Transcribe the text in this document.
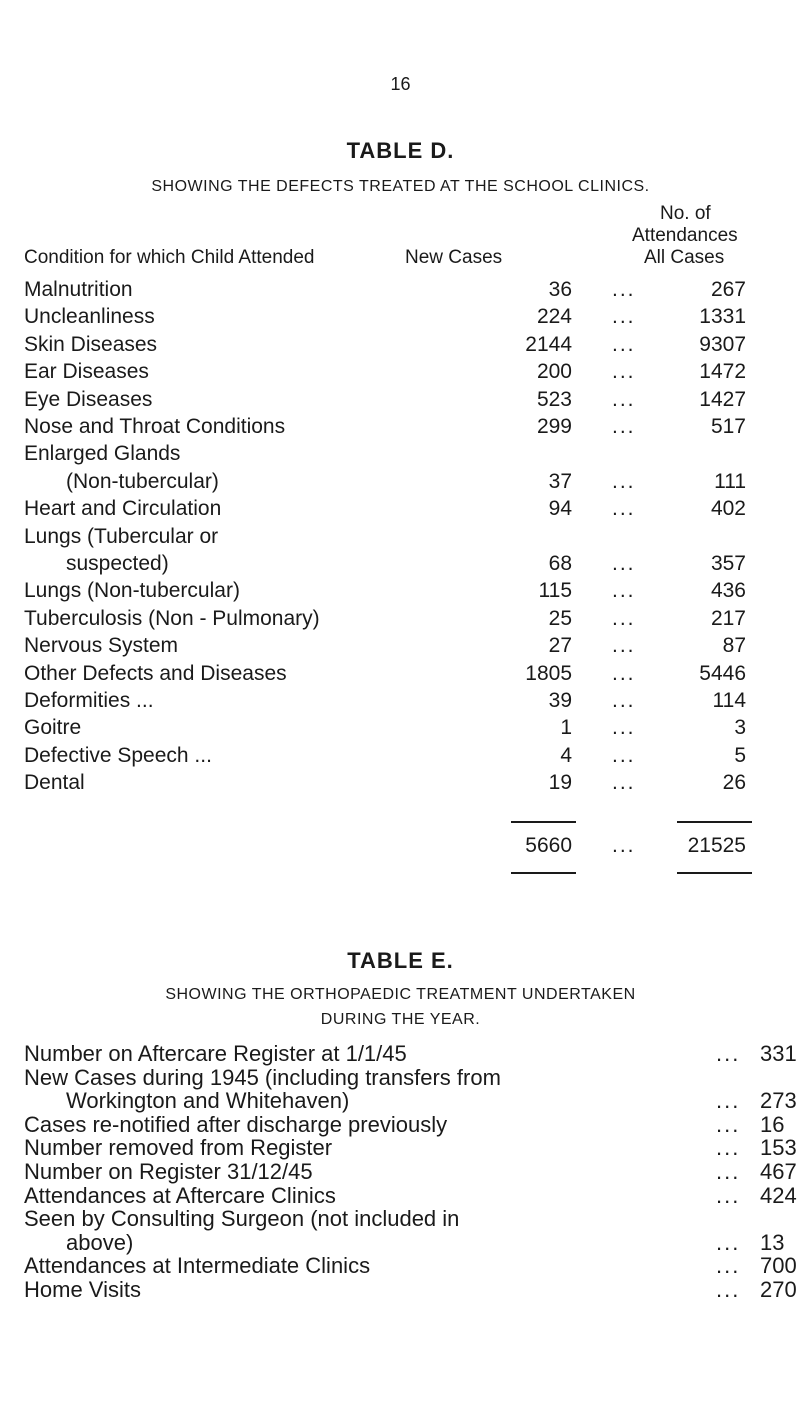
16
TABLE D.
SHOWING THE DEFECTS TREATED AT THE SCHOOL CLINICS.
No. of
Attendances
Condition for which Child Attended	New Cases	All Cases
Malnutrition	36 ...	267
Uncleanliness	224 ...	1331
Skin Diseases	2144 ...	9307
Ear Diseases	200 ...	1472
Eye Diseases	523 ...	1427
Nose and Throat Conditions	299 ...	517
Enlarged Glands
(Non-tubercular)	37 ...	111
Heart and Circulation	94 ...	402
Lungs (Tubercular or
suspected)	68 ...	357
Lungs (Non-tubercular)	115 ...	436
Tuberculosis (Non - Pulmonary)	25 ...	217
Nervous System	27 ...	87
Other Defects and Diseases	1805 ...	5446
Deformities ...	39 ...	114
Goitre	1 ...	3
Defective Speech ...	4 ...	5
Dental	19 ...	26
5660 ...	21525
TABLE E.
SHOWING THE ORTHOPAEDIC TREATMENT UNDERTAKEN
DURING THE YEAR.
Number on Aftercare Register at 1/1/45	... 331
New Cases during 1945 (including transfers from
Workington and Whitehaven)	... 273
Cases re-notified after discharge previously	... 16
Number removed from Register	... 153
Number on Register 31/12/45	... 467
Attendances at Aftercare Clinics	... 424
Seen by Consulting Surgeon (not included in
above)	... 13
Attendances at Intermediate Clinics	... 700
Home Visits	... 270
